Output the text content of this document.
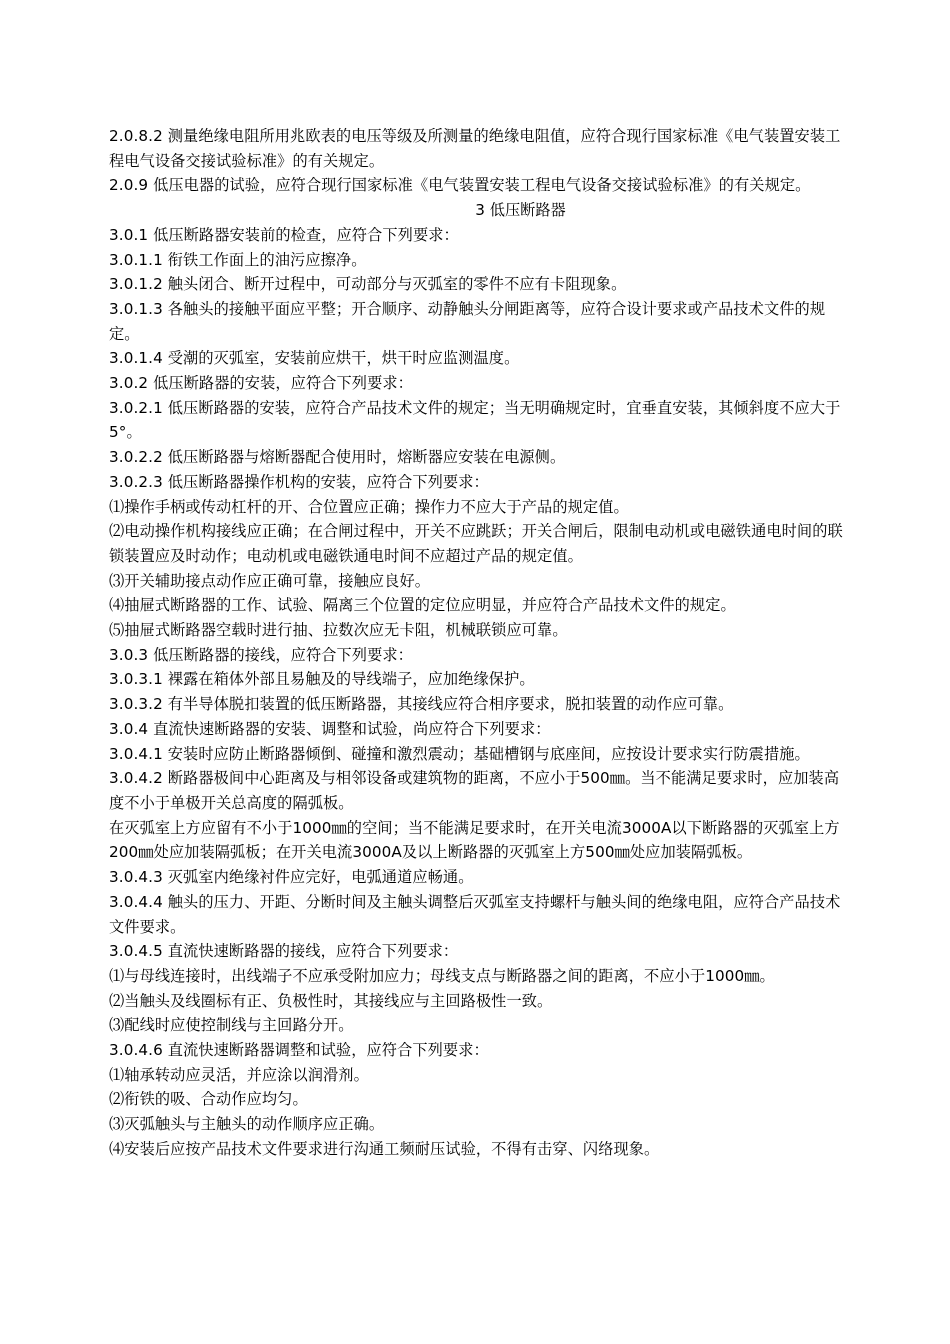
2.0.8.2 测量绝缘电阻所用兆欧表的电压等级及所测量的绝缘电阻值，应符合现行国家标准《电气装置安装工程电气设备交接试验标准》的有关规定。

2.0.9 低压电器的试验，应符合现行国家标准《电气装置安装工程电气设备交接试验标准》的有关规定。

3 低压断路器

3.0.1 低压断路器安装前的检查，应符合下列要求：

3.0.1.1 衔铁工作面上的油污应擦净。

3.0.1.2 触头闭合、断开过程中，可动部分与灭弧室的零件不应有卡阻现象。

3.0.1.3 各触头的接触平面应平整；开合顺序、动静触头分闸距离等，应符合设计要求或产品技术文件的规定。

3.0.1.4 受潮的灭弧室，安装前应烘干，烘干时应监测温度。

3.0.2 低压断路器的安装，应符合下列要求：

3.0.2.1 低压断路器的安装，应符合产品技术文件的规定；当无明确规定时，宜垂直安装，其倾斜度不应大于5°。

3.0.2.2 低压断路器与熔断器配合使用时，熔断器应安装在电源侧。

3.0.2.3 低压断路器操作机构的安装，应符合下列要求：

⑴操作手柄或传动杠杆的开、合位置应正确；操作力不应大于产品的规定值。

⑵电动操作机构接线应正确；在合闸过程中，开关不应跳跃；开关合闸后，限制电动机或电磁铁通电时间的联锁装置应及时动作；电动机或电磁铁通电时间不应超过产品的规定值。

⑶开关辅助接点动作应正确可靠，接触应良好。

⑷抽屉式断路器的工作、试验、隔离三个位置的定位应明显，并应符合产品技术文件的规定。

⑸抽屉式断路器空载时进行抽、拉数次应无卡阻，机械联锁应可靠。

3.0.3 低压断路器的接线，应符合下列要求：

3.0.3.1 裸露在箱体外部且易触及的导线端子，应加绝缘保护。

3.0.3.2 有半导体脱扣装置的低压断路器，其接线应符合相序要求，脱扣装置的动作应可靠。

3.0.4 直流快速断路器的安装、调整和试验，尚应符合下列要求：

3.0.4.1 安装时应防止断路器倾倒、碰撞和激烈震动；基础槽钢与底座间，应按设计要求实行防震措施。

3.0.4.2 断路器极间中心距离及与相邻设备或建筑物的距离，不应小于500㎜。当不能满足要求时，应加装高度不小于单极开关总高度的隔弧板。

在灭弧室上方应留有不小于1000㎜的空间；当不能满足要求时，在开关电流3000A以下断路器的灭弧室上方200㎜处应加装隔弧板；在开关电流3000A及以上断路器的灭弧室上方500㎜处应加装隔弧板。

3.0.4.3 灭弧室内绝缘衬件应完好，电弧通道应畅通。

3.0.4.4 触头的压力、开距、分断时间及主触头调整后灭弧室支持螺杆与触头间的绝缘电阻，应符合产品技术文件要求。

3.0.4.5 直流快速断路器的接线，应符合下列要求：

⑴与母线连接时，出线端子不应承受附加应力；母线支点与断路器之间的距离，不应小于1000㎜。

⑵当触头及线圈标有正、负极性时，其接线应与主回路极性一致。

⑶配线时应使控制线与主回路分开。

3.0.4.6 直流快速断路器调整和试验，应符合下列要求：

⑴轴承转动应灵活，并应涂以润滑剂。

⑵衔铁的吸、合动作应均匀。

⑶灭弧触头与主触头的动作顺序应正确。

⑷安装后应按产品技术文件要求进行沟通工频耐压试验，不得有击穿、闪络现象。
